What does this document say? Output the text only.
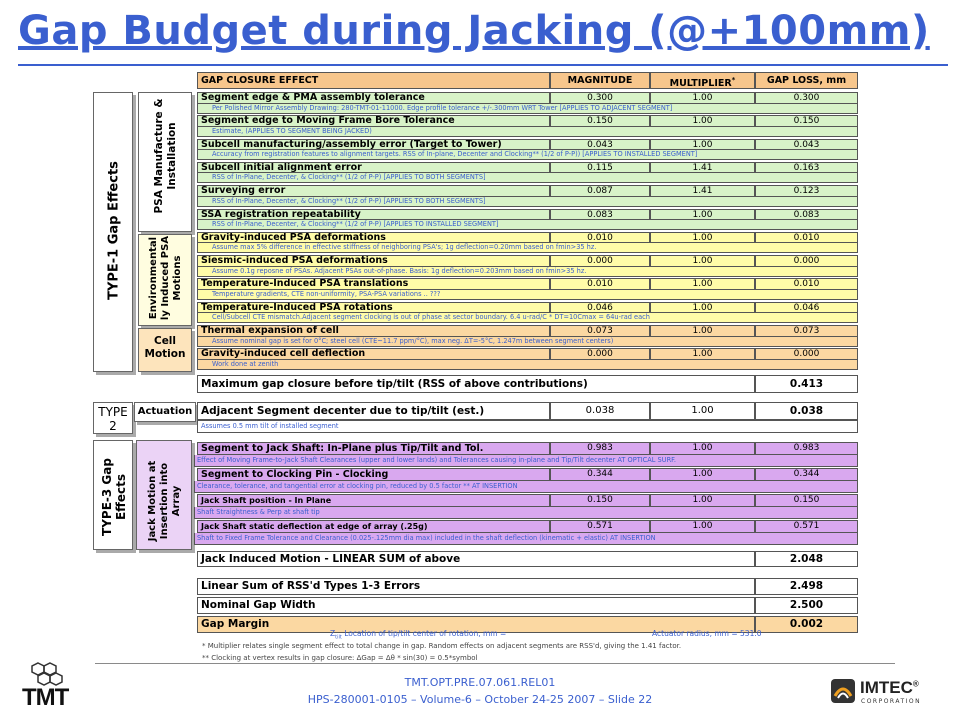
Gap Budget during Jacking (@+100mm)
GAP CLOSURE EFFECT	MAGNITUDE	MULTIPLIER*	GAP LOSS, mm
TYPE-1 Gap Effects
PSA Manufacture & Installation
Environmental ly Induced PSA Motions
Cell Motion
TYPE 2
Actuation
TYPE-3 Gap Effects Jack Motion at Insertion into Array
Segment edge & PMA assembly tolerance	0.300	1.00	0.300
Per Polished Mirror Assembly Drawing: 280-TMT-01-11000. Edge profile tolerance +/-.300mm WRT Tower [APPLIES TO ADJACENT SEGMENT]
Segment edge to Moving Frame Bore Tolerance	0.150	1.00	0.150
Estimate, (APPLIES TO SEGMENT BEING JACKED)
Subcell manufacturing/assembly error (Target to Tower)	0.043	1.00	0.043
Accuracy from registration features to alignment targets. RSS of In-plane, Decenter and Clocking** (1/2 of P-P)) [APPLIES TO INSTALLED SEGMENT]
Subcell initial alignment error	0.115	1.41	0.163
RSS of In-Plane, Decenter, & Clocking** (1/2 of P-P) [APPLIES TO BOTH SEGMENTS]
Surveying error	0.087	1.41	0.123
RSS of In-Plane, Decenter, & Clocking** (1/2 of P-P) [APPLIES TO BOTH SEGMENTS]
SSA registration repeatability	0.083	1.00	0.083
RSS of In-Plane, Decenter, & Clocking** (1/2 of P-P) [APPLIES TO INSTALLED SEGMENT]
Gravity-induced PSA deformations	0.010	1.00	0.010
Assume max 5% difference in effective stiffness of neighboring PSA's; 1g deflection=0.20mm based on fmin>35 hz.
Siesmic-induced PSA deformations	0.000	1.00	0.000
Assume 0.1g reposne of PSAs. Adjacent PSAs out-of-phase. Basis: 1g deflection=0.203mm based on fmin>35 hz.
Temperature-Induced PSA translations	0.010	1.00	0.010
Temperature gradients, CTE non-uniformity, PSA-PSA variations .. ???
Temperature-Induced PSA rotations	0.046	1.00	0.046
Cell/Subcell CTE mismatch.Adjacent segment clocking is out of phase at sector boundary. 6.4 u-rad/C * DT=10Cmax = 64u-rad each
Thermal expansion of cell	0.073	1.00	0.073
Assume nominal gap is set for 0°C; steel cell (CTE~11.7 ppm/°C), max neg. ΔT=-5°C, 1.247m between segment centers)
Gravity-induced cell deflection	0.000	1.00	0.000
Work done at zenith
Maximum gap closure before tip/tilt (RSS of above contributions)	0.413
Adjacent Segment decenter due to tip/tilt (est.)	0.038	1.00	0.038
Assumes 0.5 mm tilt of installed segment
Segment to Jack Shaft: In-Plane plus Tip/Tilt and Tol.	0.983	1.00	0.983
Effect of Moving Frame-to-Jack Shaft Clearances (upper and lower lands) and Tolerances causing in-plane and Tip/Tilt decenter AT OPTICAL SURF.
Segment to Clocking Pin - Clocking	0.344	1.00	0.344
Clearance, tolerance, and tangential error at clocking pin, reduced by 0.5 factor ** AT INSERTION
Jack Shaft position - In Plane	0.150	1.00	0.150
Shaft Straightness & Perp at shaft tip
Jack Shaft static deflection at edge of array (.25g)	0.571	1.00	0.571
Shaft to Fixed Frame Tolerance and Clearance (0.025-.125mm dia max) included in the shaft deflection (kinematic + elastic) AT INSERTION
Jack Induced Motion - LINEAR SUM of above	2.048
Linear Sum of RSS'd Types 1-3 Errors	2.498
Nominal Gap Width	2.500
Gap Margin	0.002
$Z_{tilt}$ Location of tip/tilt center of rotation, mm =	Actuator radius, mm = 531.0
* Multiplier relates single segment effect to total change in gap. Random effects on adjacent segments are RSS'd, giving the 1.41 factor.
** Clocking at vertex results in gap closure: ΔGap = Δθ * sin(30) = 0.5*symbol
TMT.OPT.PRE.07.061.REL01
HPS-280001-0105 – Volume-6 – October 24-25 2007 – Slide 22
TMT	IMTEC®
CORPORATION
